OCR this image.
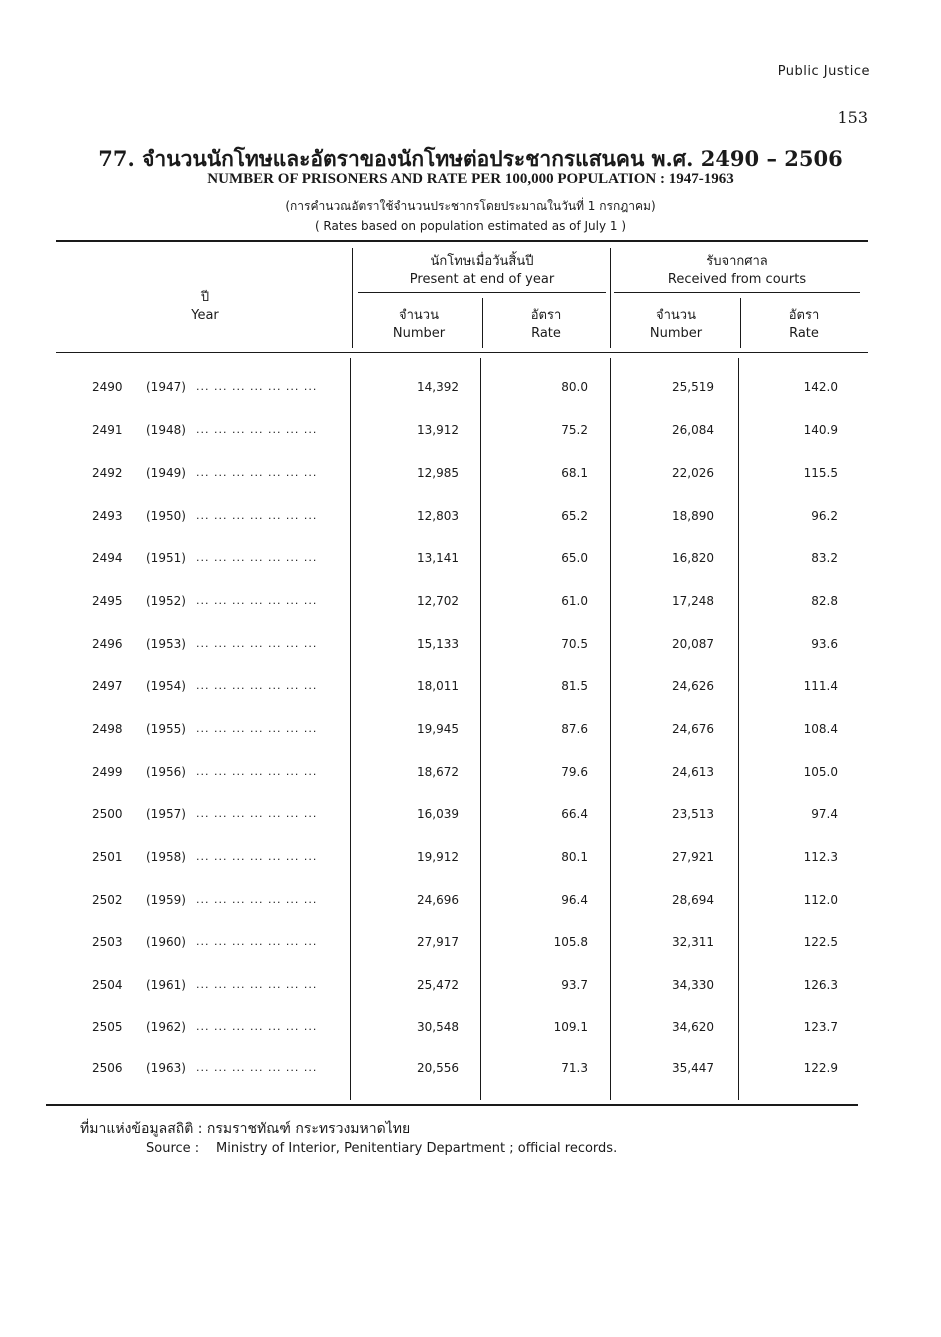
Public Justice
153
77. จำนวนนักโทษและอัตราของนักโทษต่อประชากรแสนคน พ.ศ. 2490 – 2506
NUMBER OF PRISONERS AND RATE PER 100,000 POPULATION : 1947-1963
(การคำนวณอัตราใช้จำนวนประชากรโดยประมาณในวันที่ 1 กรกฎาคม)
( Rates based on population estimated as of July 1 )
ปี
Year
นักโทษเมื่อวันสิ้นปี
Present at end of year
รับจากศาล
Received from courts
จำนวน
Number
อัตรา
Rate
จำนวน
Number
อัตรา
Rate
2490	(1947) ... ... ... ... ... ... ...	14,392	80.0	25,519	142.0
2491	(1948) ... ... ... ... ... ... ...	13,912	75.2	26,084	140.9
2492	(1949) ... ... ... ... ... ... ...	12,985	68.1	22,026	115.5
2493	(1950) ... ... ... ... ... ... ...	12,803	65.2	18,890	96.2
2494	(1951) ... ... ... ... ... ... ...	13,141	65.0	16,820	83.2
2495	(1952) ... ... ... ... ... ... ...	12,702	61.0	17,248	82.8
2496	(1953) ... ... ... ... ... ... ...	15,133	70.5	20,087	93.6
2497	(1954) ... ... ... ... ... ... ...	18,011	81.5	24,626	111.4
2498	(1955) ... ... ... ... ... ... ...	19,945	87.6	24,676	108.4
2499	(1956) ... ... ... ... ... ... ...	18,672	79.6	24,613	105.0
2500	(1957) ... ... ... ... ... ... ...	16,039	66.4	23,513	97.4
2501	(1958) ... ... ... ... ... ... ...	19,912	80.1	27,921	112.3
2502	(1959) ... ... ... ... ... ... ...	24,696	96.4	28,694	112.0
2503	(1960) ... ... ... ... ... ... ...	27,917	105.8	32,311	122.5
2504	(1961) ... ... ... ... ... ... ...	25,472	93.7	34,330	126.3
2505	(1962) ... ... ... ... ... ... ...	30,548	109.1	34,620	123.7
2506	(1963) ... ... ... ... ... ... ...	20,556	71.3	35,447	122.9
ที่มาแห่งข้อมูลสถิติ : กรมราชทัณฑ์ กระทรวงมหาดไทย
Source : Ministry of Interior, Penitentiary Department ; official records.
